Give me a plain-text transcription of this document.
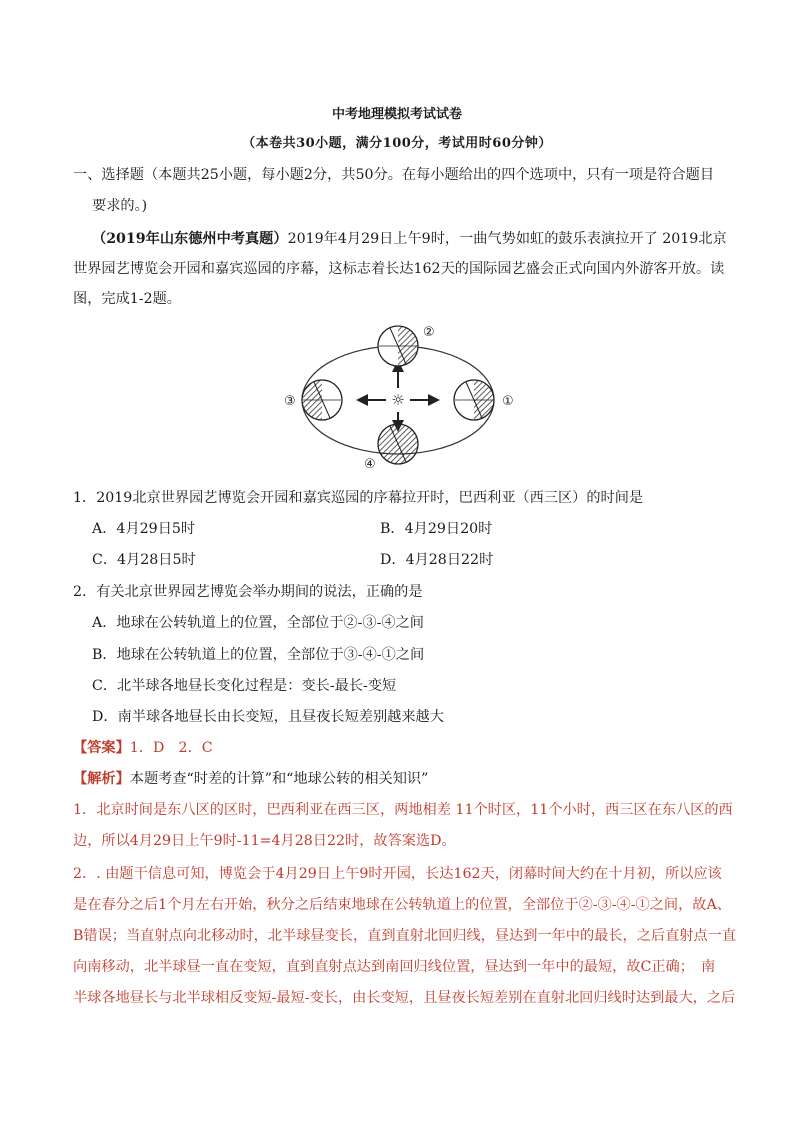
中考地理模拟考试试卷
（本卷共30小题，满分100分，考试用时60分钟）
一、选择题（本题共25小题，每小题2分，共50分。在每小题给出的四个选项中，只有一项是符合题目
要求的。)
（2019年山东德州中考真题）2019年4月29日上午9时，一曲气势如虹的鼓乐表演拉开了 2019北京
世界园艺博览会开园和嘉宾巡园的序幕，这标志着长达162天的国际园艺盛会正式向国内外游客开放。读
图，完成1-2题。
☼
②
③	①
④
1．2019北京世界园艺博览会开园和嘉宾巡园的序幕拉开时，巴西利亚（西三区）的时间是
A．4月29日5时	B．4月29日20时
C．4月28日5时	D．4月28日22时
2．有关北京世界园艺博览会举办期间的说法，正确的是
A．地球在公转轨道上的位置，全部位于②-③-④之间
B．地球在公转轨道上的位置，全部位于③-④-①之间
C．北半球各地昼长变化过程是：变长-最长-变短
D．南半球各地昼长由长变短，且昼夜长短差别越来越大
【答案】1．D　2．C
【解析】本题考查“时差的计算”和“地球公转的相关知识”
1．北京时间是东八区的区时，巴西利亚在西三区，两地相差 11个时区，11个小时，西三区在东八区的西
边，所以4月29日上午9时-11=4月28日22时，故答案选D。
2．. 由题干信息可知，博览会于4月29日上午9时开园，长达162天，闭幕时间大约在十月初，所以应该
是在春分之后1个月左右开始，秋分之后结束地球在公转轨道上的位置，全部位于②-③-④-①之间，故A、
B错误；当直射点向北移动时，北半球昼变长，直到直射北回归线，昼达到一年中的最长，之后直射点一直
向南移动，北半球昼一直在变短，直到直射点达到南回归线位置，昼达到一年中的最短，故C正确；　南
半球各地昼长与北半球相反变短-最短-变长，由长变短，且昼夜长短差别在直射北回归线时达到最大，之后
